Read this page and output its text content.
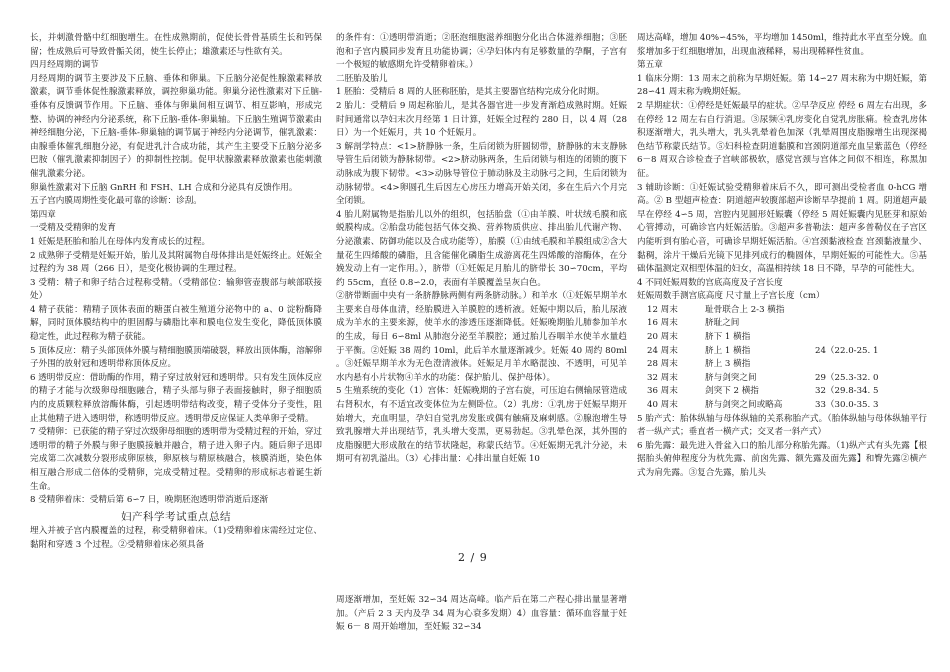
长，并刺激骨骼中红细胞增生。在性成熟期前，促使长骨骨基质生长和钙保留；性成熟后可导致骨骺关闭，使生长停止；雄激素还与性欲有关。

四月经周期的调节

月经周期的调节主要涉及下丘脑、垂体和卵巢。下丘脑分泌促性腺激素释放激素，调节垂体促性腺激素释放，调控卵巢功能。卵巢分泌性激素对下丘脑-垂体有反馈调节作用。下丘脑、垂体与卵巢间相互调节、相互影响，形成完整、协调的神经内分泌系统，称下丘脑-垂体-卵巢轴。下丘脑生殖调节激素由神经细胞分泌，下丘脑-垂体-卵巢轴的调节属于神经内分泌调节，催乳激素：由腺垂体催乳细胞分泌，有促进乳汁合成功能，其产生主要受下丘脑分泌多巴胺（催乳激素抑制因子）的抑制性控制。促甲状腺激素释放激素也能刺激催乳激素分泌。

卵巢性激素对下丘脑 GnRH 和 FSH、LH 合成和分泌具有反馈作用。

五子宫内膜周期性变化最可靠的诊断：诊刮。

第四章

一受精及受精卵的发育

1 妊娠是胚胎和胎儿在母体内发育成长的过程。

2 成熟卵子受精是妊娠开始，胎儿及其附属物自母体排出是妊娠终止。妊娠全过程约为 38 周（266 日），是变化极协调的生理过程。

3 受精：精子和卵子结合过程称受精。（受精部位：输卵管壶腹部与峡部联接处）

4 精子获能：精精子顶体表面的糖蛋白被生殖道分泌物中的 a、0 淀粉酶降解，同时顶体膜结构中的胆固醇与磷脂比率和膜电位发生变化，降低顶体膜稳定性，此过程称为精子获能。

5 顶体反应：精子头部顶体外膜与精细胞膜顶端破裂，释放出顶体酶，溶解卵子外围的放射冠和透明带称顶体反应。

6 透明带反应：借助酶的作用，精子穿过放射冠和透明带。只有发生顶体反应的精子才能与次级卵母细胞融合，精子头部与卵子表面接触时，卵子细胞质内的皮质颗粒释放溶酶体酶，引起透明带结构改变，精子受体分子变性，阻止其他精子进入透明带，称透明带反应。透明带反应保证人类单卵子受精。

7 受精卵：已获能的精子穿过次级卵母细胞的透明带为受精过程的开始，穿过透明带的精子外膜与卵子胞膜接触并融合，精子进入卵子内。随后卵子迅即完成第二次减数分裂形成卵原核，卵原核与精原核融合，核膜消逝，染色体相互融合形成二倍体的受精卵，完成受精过程。受精卵的形成标志着诞生新生命。

8 受精卵着床：受精后第 6∽7 日，晚期胚泡透明带消逝后逐渐

妇产科学考试重点总结

埋入并被子宫内膜覆盖的过程，称受精卵着床。（1)受精卵着床需经过定位、黏附和穿透 3 个过程。②受精卵着床必须具备

的条件有：①透明带消逝；②胚泡细胞滋养细胞分化出合体滋养细胞；③胚泡和子宫内膜同步发育且功能协调；④孕妇体内有足够数量的孕酮，子宫有一个极短的敏感期允许受精卵着床。）

二胚胎及胎儿

1 胚胎：受精后 8 周的人胚称胚胎，是其主要器官结构完成分化时期。

2 胎儿：受精后 9 周起称胎儿，是其各器官进一步发育渐趋成熟时期。妊娠时间通常以孕妇末次月经第 1 日计算，妊娠全过程约 280 日，以 4 周（28 日）为一个妊娠月，共 10 个妊娠月。

3 解剖学特点：<1>脐静脉一条，生后闭锁为肝圆韧带，脐静脉的末支静脉导管生后闭锁为静脉韧带。<2>脐动脉两条，生后闭锁与相连的闭锁的腹下动脉成为腹下韧带。<3>动脉导管位于肺动脉及主动脉弓之间，生后闭锁为动脉韧带。<4>卵圆孔生后因左心房压力增高开始关闭，多在生后六个月完全闭锁。

4 胎儿附属物是指胎儿以外的组织，包括胎盘（①由羊膜、叶状绒毛膜和底蜕膜构成。②胎盘功能包括气体交换、营养物质供应、排出胎儿代谢产物、分泌激素、防御功能以及合成功能等），胎膜（①由绒毛膜和羊膜组成②含大量花生四烯酸的磷脂，且含能催化磷脂生成游离花生四烯酸的溶酶体，在分娩发动上有一定作用。），脐带（①妊娠足月胎儿的脐带长 30∽70cm，平均约 55cm，直径 0.8∽2.0，表面有羊膜覆盖呈灰白色。

②脐带断面中央有一条脐静脉两侧有两条脐动脉。）和羊水（①妊娠早期羊水主要来自母体血清，经胎膜进入羊膜腔的透析液。妊娠中期以后，胎儿尿液成为羊水的主要来源，使羊水的渗透压逐渐降低。妊娠晚期胎儿肺参加羊水的生成，每日 6∽8ml 从肺泡分泌至羊膜腔；通过胎儿吞咽羊水使羊水量趋于平衡。②妊娠 38 周约 10ml，此后羊水量逐渐减少。妊娠 40 周约 80ml 。③妊娠早期羊水为无色澄清液体。妊娠足月羊水略混浊、不透明，可见羊水内悬有小片状物④羊水的功能：保护胎儿、保护母体）。

5 生殖系统的变化（1）宫体：妊娠晚期的子宫右旋，可压迫右侧输尿管造成右肾积水，有不适宜改变体位为左侧卧位。（2）乳房：①乳房于妊娠早期开始增大，充血明显，孕妇自觉乳房发胀或偶有触痛及麻刺感。②腺泡增生导致乳腺增大并出现结节，乳头增大变黑，更易勃起。③乳晕色深，其外围的皮脂腺肥大形成散在的结节状隆起，称蒙氏结节。④妊娠期无乳汁分泌，未期可有初乳溢出。（3）心排出量：心排出量自妊娠 10

2 / 9

周逐渐增加，至妊娠 32∽34 周达高峰。临产后在第二产程心排出量显著增加。（产后 2 3 天内及孕 34 周为心衰多发期）4）血容量：循环血容量于妊娠 6－ 8 周开始增加，至妊娠 32∽34

周达高峰，增加 40%∽45%，平均增加 1450ml，维持此水平直至分娩。血浆增加多于红细胞增加，出现血液稀释，易出现稀释性贫血。

第五章

1 临床分期：13 周末之前称为早期妊娠。第 14∽27 周末称为中期妊娠，第 28∽41 周末称为晚期妊娠。

2 早期症状：①停经是妊娠最早的症状。②早孕反应 停经 6 周左右出现，多在停经 12 周左右自行消退。③尿频④乳房变化自觉乳房胀痛。检查乳房体积逐渐增大，乳头增大，乳头乳晕着色加深（乳晕周围皮脂腺增生出现深褐色结节称蒙氏结节。⑤妇科检查阴道黏膜和宫颈阴道部充血呈紫蓝色（停经 6－8 周双合诊检查子宫峡部极软，感觉宫颈与宫体之间似不相连，称黑加征。

3 辅助诊断：①妊娠试验受精卵着床后不久，即可测出受检者血 0-hCG 增高。② B 型超声检查：阴道超声较腹部超声诊断早孕提前 1 周。阴道超声最早在停经 4∽5 周，宫腔内见圆形妊娠囊（停经 5 周妊娠囊内见胚芽和原始心管搏动，可确诊宫内妊娠活胎。③超声多普勒法：超声多普勒仪在子宫区内能听到有胎心音，可确诊早期妊娠活胎。④宫颈黏液检查 宫颈黏液量少、黏稠，涂片干燥后光镜下见排列成行的椭圆体，早期妊娠的可能性大。⑤基础体温测定双相型体温的妇女，高温相持续 18 日不降，早孕的可能性大。

4 不同妊娠周数的宫底高度及子宫长度

妊娠周数手测宫底高度 尺寸量上子宫长度（cm）

12 周末	耻骨联合上 2-3 横指	
16 周末	脐耻之间	
20 周末	脐下 1 横指	
24 周末	脐上 1 横指	24（22.0-25. 1
28 周末	脐上 3 横指	
32 周末	脐与剑突之间	29（25.3-32. 0
36 周末	剑突下 2 横指	32（29.8-34. 5
40 周末	脐与剑突之间或略高	33（30.0-35. 3

5 胎产式：胎体纵轴与母体纵轴的关系称胎产式。（胎体纵轴与母体纵轴平行者一纵产式；垂直者一横产式；交叉者一斜产式）

6 胎先露：最先进入骨盆入口的胎儿部分称胎先露。（1)纵产式有头先露【根据胎头俯伸程度分为枕先露、前囟先露、额先露及面先露】和臀先露②横产式为肩先露。③复合先露，胎儿头
